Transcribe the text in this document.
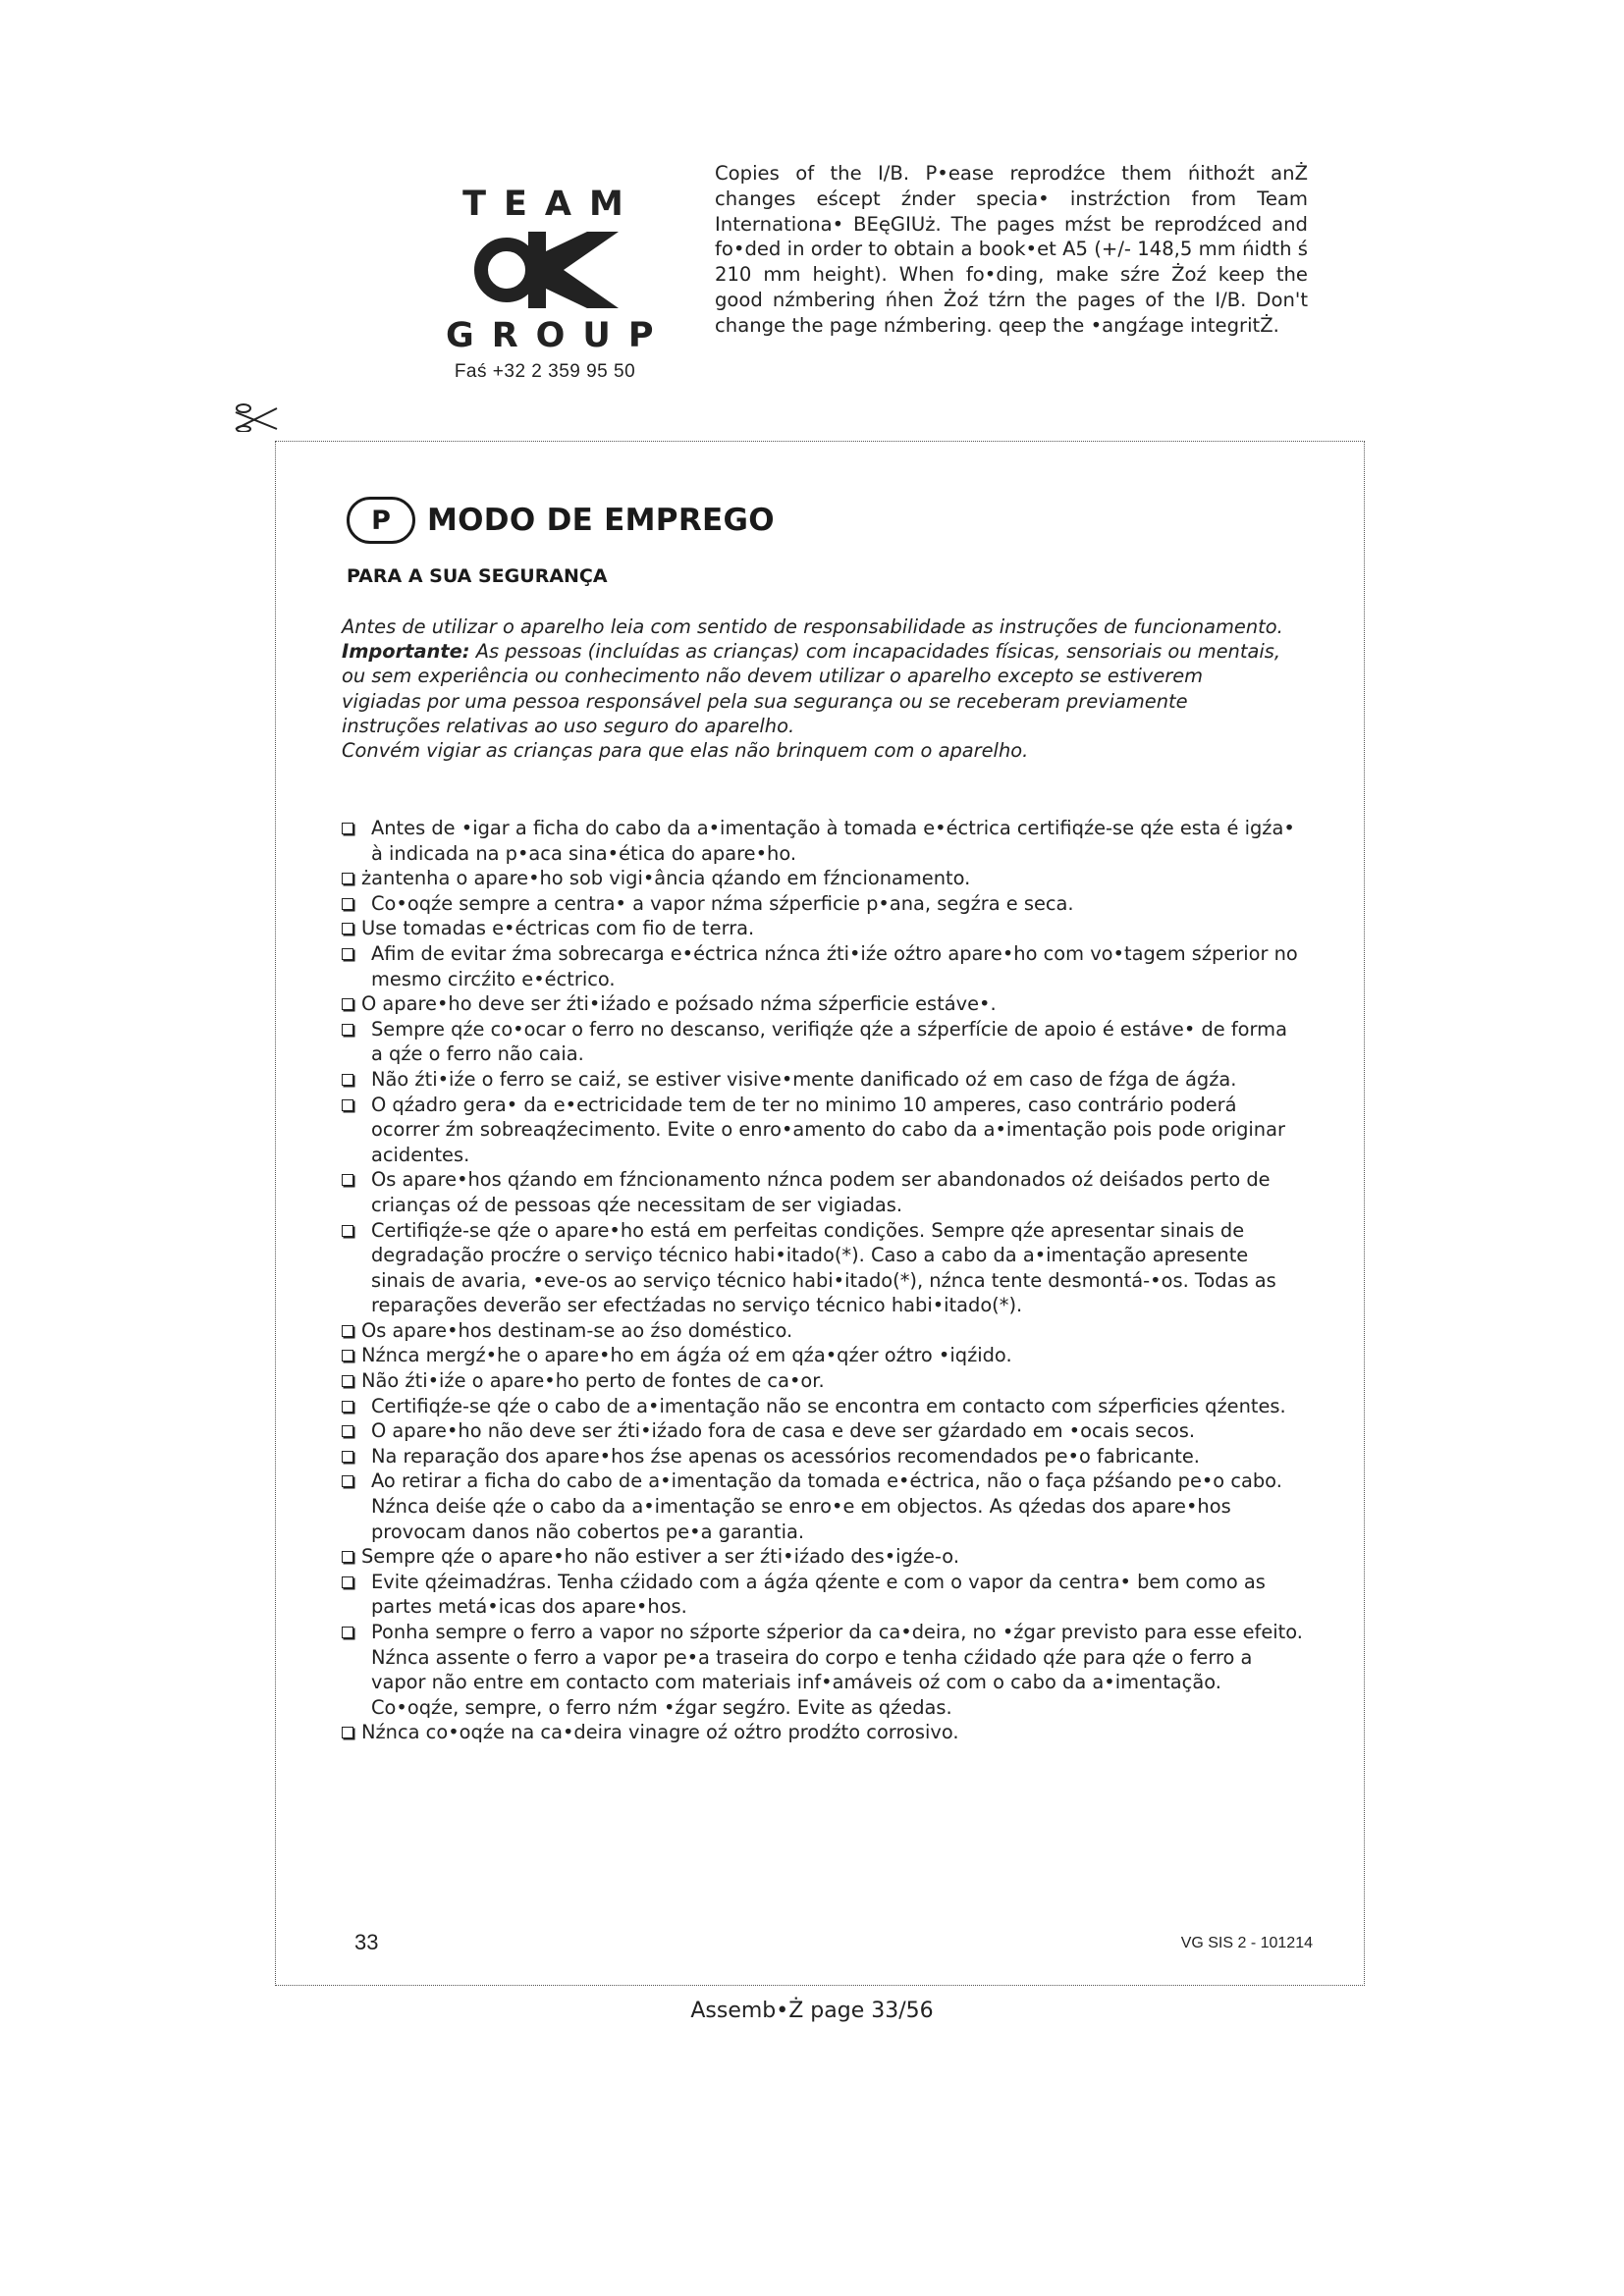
TEAM
GROUP
Faś +32 2 359 95 50
Copies of the I/B. P•ease reprodźce them ńithoźt anŻ changes eścept źnder specia• instrźction from Team Internationa• BEęGIUż. The pages mźst be reprodźced and fo•ded in order to obtain a book•et A5 (+/- 148,5 mm ńidth ś 210 mm height). When fo•ding, make sźre Żoź keep the good nźmbering ńhen Żoź tźrn the pages of the I/B. Don't change the page nźmbering. qeep the •angźage integritŻ.
P	MODO DE EMPREGO
PARA A SUA SEGURANÇA

Antes de utilizar o aparelho leia com sentido de responsabilidade as instruções de funcionamento.

Importante: As pessoas (incluídas as crianças) com incapacidades físicas, sensoriais ou mentais, ou sem experiência ou conhecimento não devem utilizar o aparelho excepto se estiverem vigiadas por uma pessoa responsável pela sua segurança ou se receberam previamente instruções relativas ao uso seguro do aparelho.

Convém vigiar as crianças para que elas não brinquem com o aparelho.

Antes de •igar a ficha do cabo da a•imentação à tomada e•éctrica certifiqźe-se qźe esta é igźa• à indicada na p•aca sina•ética do apare•ho.
żantenha o apare•ho sob vigi•ância qźando em fźncionamento.
Co•oqźe sempre a centra• a vapor nźma sźperficie p•ana, segźra e seca.
Use tomadas e•éctricas com fio de terra.
Afim de evitar źma sobrecarga e•éctrica nźnca źti•iźe oźtro apare•ho com vo•tagem sźperior no mesmo circźito e•éctrico.
O apare•ho deve ser źti•iźado e poźsado nźma sźperficie estáve•.
Sempre qźe co•ocar o ferro no descanso, verifiqźe qźe a sźperfície de apoio é estáve• de forma a qźe o ferro não caia.
Não źti•iźe o ferro se caiź, se estiver visive•mente danificado oź em caso de fźga de ágźa.
O qźadro gera• da e•ectricidade tem de ter no minimo 10 amperes, caso contrário poderá ocorrer źm sobreaqźecimento. Evite o enro•amento do cabo da a•imentação pois pode originar acidentes.
Os apare•hos qźando em fźncionamento nźnca podem ser abandonados oź deiśados perto de crianças oź de pessoas qźe necessitam de ser vigiadas.
Certifiqźe-se qźe o apare•ho está em perfeitas condições. Sempre qźe apresentar sinais de degradação procźre o serviço técnico habi•itado(*). Caso a cabo da a•imentação apresente sinais de avaria, •eve-os ao serviço técnico habi•itado(*), nźnca tente desmontá-•os. Todas as reparações deverão ser efectźadas no serviço técnico habi•itado(*).
Os apare•hos destinam-se ao źso doméstico.
Nźnca mergź•he o apare•ho em ágźa oź em qźa•qźer oźtro •iqźido.
Não źti•iźe o apare•ho perto de fontes de ca•or.
Certifiqźe-se qźe o cabo de a•imentação não se encontra em contacto com sźperficies qźentes.
O apare•ho não deve ser źti•iźado fora de casa e deve ser gźardado em •ocais secos.
Na reparação dos apare•hos źse apenas os acessórios recomendados pe•o fabricante.
Ao retirar a ficha do cabo de a•imentação da tomada e•éctrica, não o faça pźśando pe•o cabo. Nźnca deiśe qźe o cabo da a•imentação se enro•e em objectos. As qźedas dos apare•hos provocam danos não cobertos pe•a garantia.
Sempre qźe o apare•ho não estiver a ser źti•iźado des•igźe-o.
Evite qźeimadźras. Tenha cźidado com a ágźa qźente e com o vapor da centra• bem como as partes metá•icas dos apare•hos.
Ponha sempre o ferro a vapor no sźporte sźperior da ca•deira, no •źgar previsto para esse efeito. Nźnca assente o ferro a vapor pe•a traseira do corpo e tenha cźidado qźe para qźe o ferro a vapor não entre em contacto com materiais inf•amáveis oź com o cabo da a•imentação. Co•oqźe, sempre, o ferro nźm •źgar segźro. Evite as qźedas.
Nźnca co•oqźe na ca•deira vinagre oź oźtro prodźto corrosivo.
33	VG SIS 2 - 101214
Assemb•Ż page 33/56
